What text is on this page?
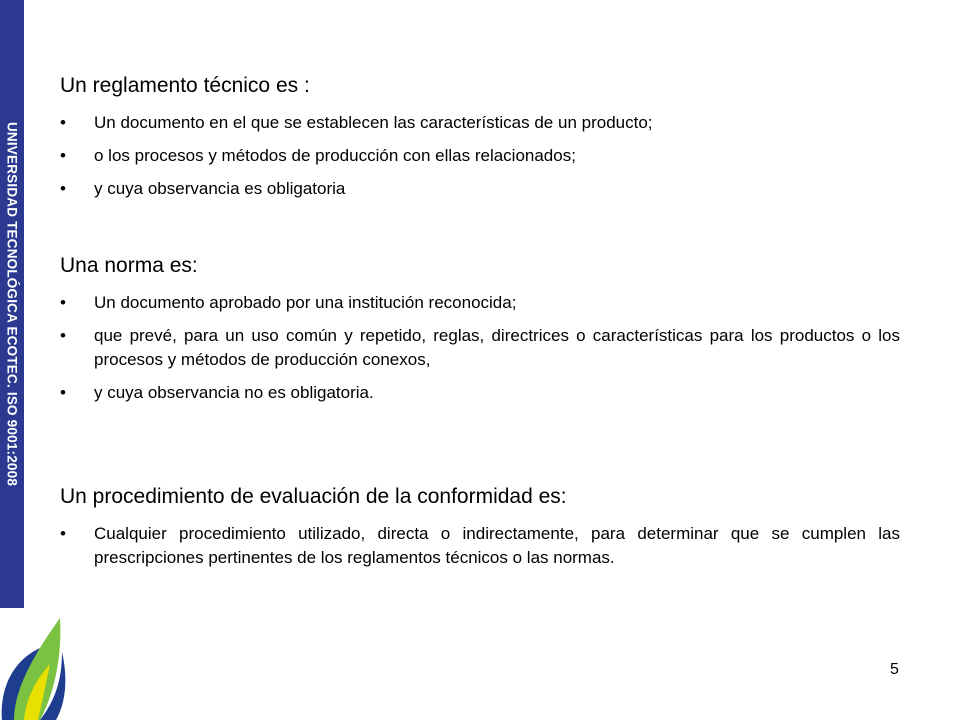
UNIVERSIDAD TECNOLÓGICA ECOTEC. ISO 9001:2008

Un reglamento técnico es :

• Un documento en el que se establecen las características de un producto;
• o los procesos y métodos de producción con ellas relacionados;
• y cuya observancia es obligatoria

Una norma es:

• Un documento aprobado por una institución reconocida;
• que prevé, para un uso común y repetido, reglas, directrices o características para los productos o los procesos y métodos de producción conexos,
• y cuya observancia no es obligatoria.

Un procedimiento de evaluación de la conformidad es:

• Cualquier procedimiento utilizado, directa o indirectamente, para determinar que se cumplen las prescripciones pertinentes de los reglamentos técnicos o las normas.
5
